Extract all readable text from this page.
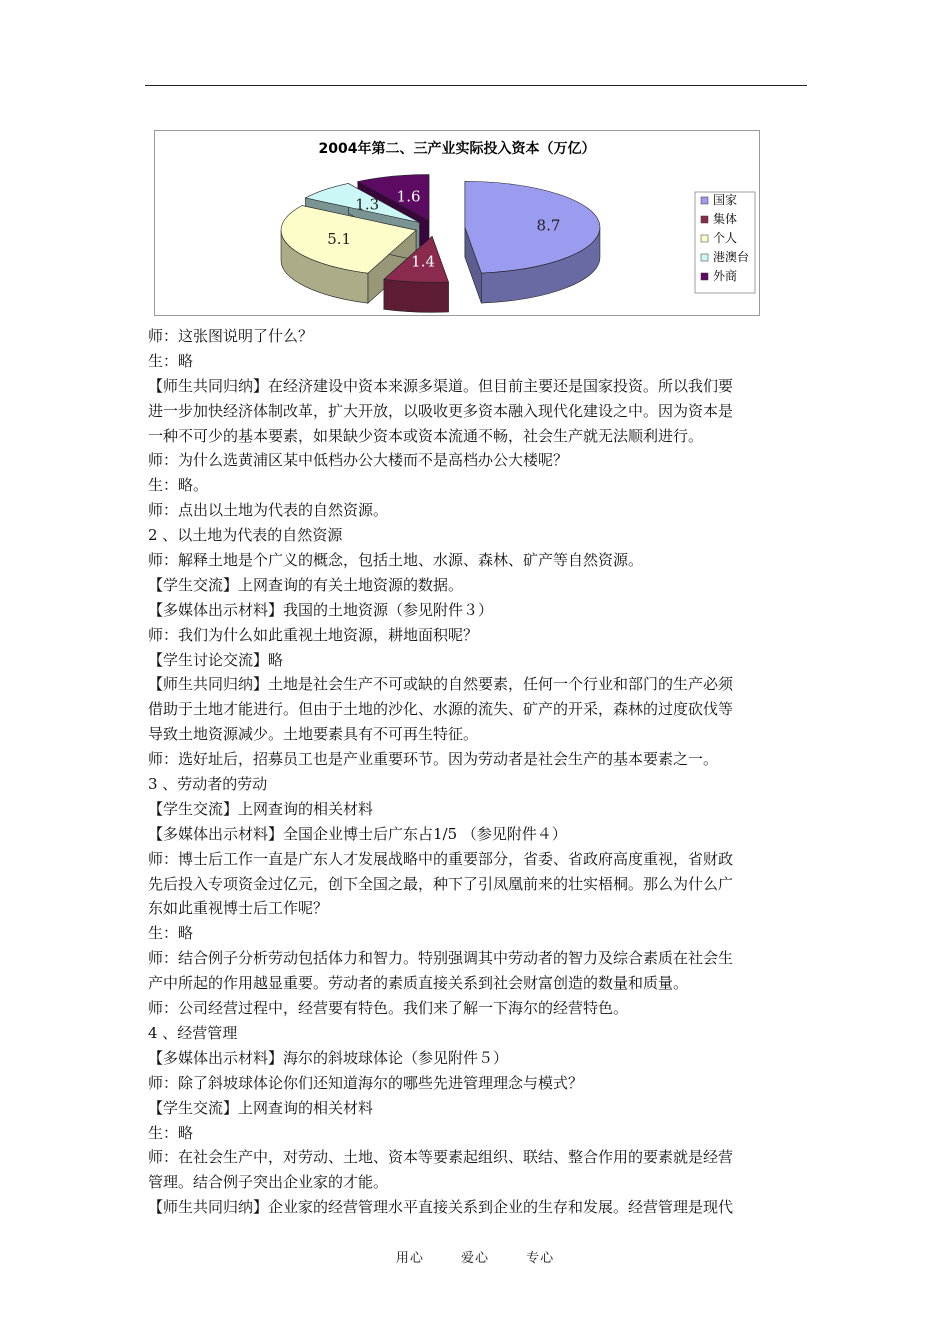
2004年第二、三产业实际投入资本（万亿）
8.7
1.4
5.1
1.3 1.6	国家
集体
个人
港澳台
外商
师：这张图说明了什么？
生：略
【师生共同归纳】在经济建设中资本来源多渠道。但目前主要还是国家投资。所以我们要
进一步加快经济体制改革，扩大开放，以吸收更多资本融入现代化建设之中。因为资本是
一种不可少的基本要素，如果缺少资本或资本流通不畅，社会生产就无法顺利进行。
师：为什么选黄浦区某中低档办公大楼而不是高档办公大楼呢？
生：略。
师：点出以土地为代表的自然资源。
2 、以土地为代表的自然资源
师：解释土地是个广义的概念，包括土地、水源、森林、矿产等自然资源。
【学生交流】上网查询的有关土地资源的数据。
【多媒体出示材料】我国的土地资源（参见附件３）
师：我们为什么如此重视土地资源，耕地面积呢？
【学生讨论交流】略
【师生共同归纳】土地是社会生产不可或缺的自然要素，任何一个行业和部门的生产必须
借助于土地才能进行。但由于土地的沙化、水源的流失、矿产的开采，森林的过度砍伐等
导致土地资源减少。土地要素具有不可再生特征。
师：选好址后，招募员工也是产业重要环节。因为劳动者是社会生产的基本要素之一。
3 、劳动者的劳动
【学生交流】上网查询的相关材料
【多媒体出示材料】全国企业博士后广东占1/5 （参见附件４）
师：博士后工作一直是广东人才发展战略中的重要部分，省委、省政府高度重视，省财政
先后投入专项资金过亿元，创下全国之最，种下了引凤凰前来的壮实梧桐。那么为什么广
东如此重视博士后工作呢？
生：略
师：结合例子分析劳动包括体力和智力。特别强调其中劳动者的智力及综合素质在社会生
产中所起的作用越显重要。劳动者的素质直接关系到社会财富创造的数量和质量。
师：公司经营过程中，经营要有特色。我们来了解一下海尔的经营特色。
4 、经营管理
【多媒体出示材料】海尔的斜坡球体论（参见附件５）
师：除了斜坡球体论你们还知道海尔的哪些先进管理理念与模式？
【学生交流】上网查询的相关材料
生：略
师：在社会生产中，对劳动、土地、资本等要素起组织、联结、整合作用的要素就是经营
管理。结合例子突出企业家的才能。
【师生共同归纳】企业家的经营管理水平直接关系到企业的生存和发展。经营管理是现代
用心	爱心	专心
